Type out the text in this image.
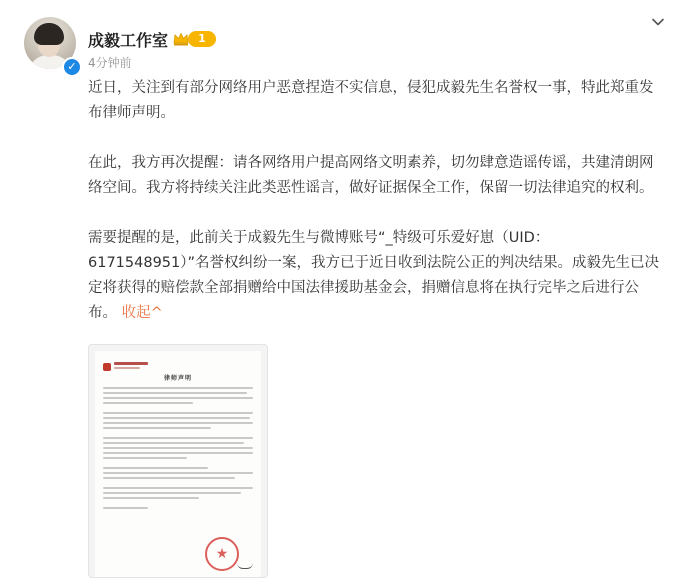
✓
成毅工作室	1
4分钟前

近日，关注到有部分网络用户恶意捏造不实信息，侵犯成毅先生名誉权一事，特此郑重发布律师声明。

在此，我方再次提醒：请各网络用户提高网络文明素养，切勿肆意造谣传谣，共建清朗网络空间。我方将持续关注此类恶性谣言，做好证据保全工作，保留一切法律追究的权利。

需要提醒的是，此前关于成毅先生与微博账号“_特级可乐爱好崽（UID：6171548951）”名誉权纠纷一案，我方已于近日收到法院公正的判决结果。成毅先生已决定将获得的赔偿款全部捐赠给中国法律援助基金会，捐赠信息将在执行完毕之后进行公布。 收起^

律师声明
★
